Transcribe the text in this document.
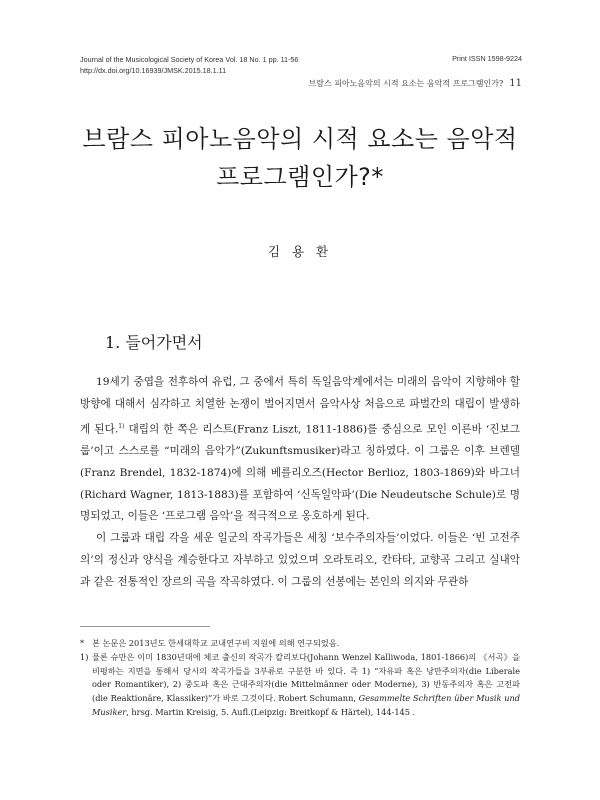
Journal of the Musicological Society of Korea Vol. 18 No. 1 pp. 11-56
http://dx.doi.org/10.16939/JMSK.2015.18.1.11
Print ISSN 1598-9224
브람스 피아노음악의 시적 요소는 음악적 프로그램인가? 11
브람스 피아노음악의 시적 요소는 음악적
프로그램인가?*
김 용 환
1. 들어가면서

19세기 중엽을 전후하여 유럽, 그 중에서 특히 독일음악계에서는 미래의 음악이 지향해야 할 방향에 대해서 심각하고 치열한 논쟁이 벌어지면서 음악사상 처음으로 파벌간의 대립이 발생하게 된다.$^{1)}$ 대립의 한 쪽은 리스트(Franz Liszt, 1811-1886)를 중심으로 모인 이른바 ‘진보그룹’이고 스스로를 “미래의 음악가”(Zukunftsmusiker)라고 칭하였다. 이 그룹은 이후 브렌델(Franz Brendel, 1832-1874)에 의해 베를리오즈(Hector Berlioz, 1803-1869)와 바그너(Richard Wagner, 1813-1883)를 포함하여 ‘신독일악파’(Die Neudeutsche Schule)로 명명되었고, 이들은 ‘프로그램 음악’을 적극적으로 옹호하게 된다.

이 그룹과 대립 각을 세운 일군의 작곡가들은 세칭 ‘보수주의자들’이었다. 이들은 ‘빈 고전주의’의 정신과 양식을 계승한다고 자부하고 있었으며 오라토리오, 칸타타, 교향곡 그리고 실내악과 같은 전통적인 장르의 곡을 작곡하였다. 이 그룹의 선봉에는 본인의 의지와 무관하

* 본 논문은 2013년도 한세대학교 교내연구비 지원에 의해 연구되었음.

1) 물론 슈만은 이미 1830년대에 체코 출신의 작곡가 칼리보다(Johann Wenzel Kalliwoda, 1801-1866)의 《서곡》을 비평하는 지면을 통해서 당시의 작곡가들을 3부류로 구분한 바 있다. 즉 1) “자유파 혹은 낭만주의자(die Liberale oder Romantiker), 2) 중도파 혹은 근대주의자(die Mittelmänner oder Moderne), 3) 반동주의자 혹은 고전파(die Reaktionäre, Klassiker)”가 바로 그것이다. Robert Schumann, Gesammelte Schriften über Musik und Musiker, hrsg. Martin Kreisig, 5. Aufl.(Leipzig: Breitkopf & Härtel), 144-145 .
